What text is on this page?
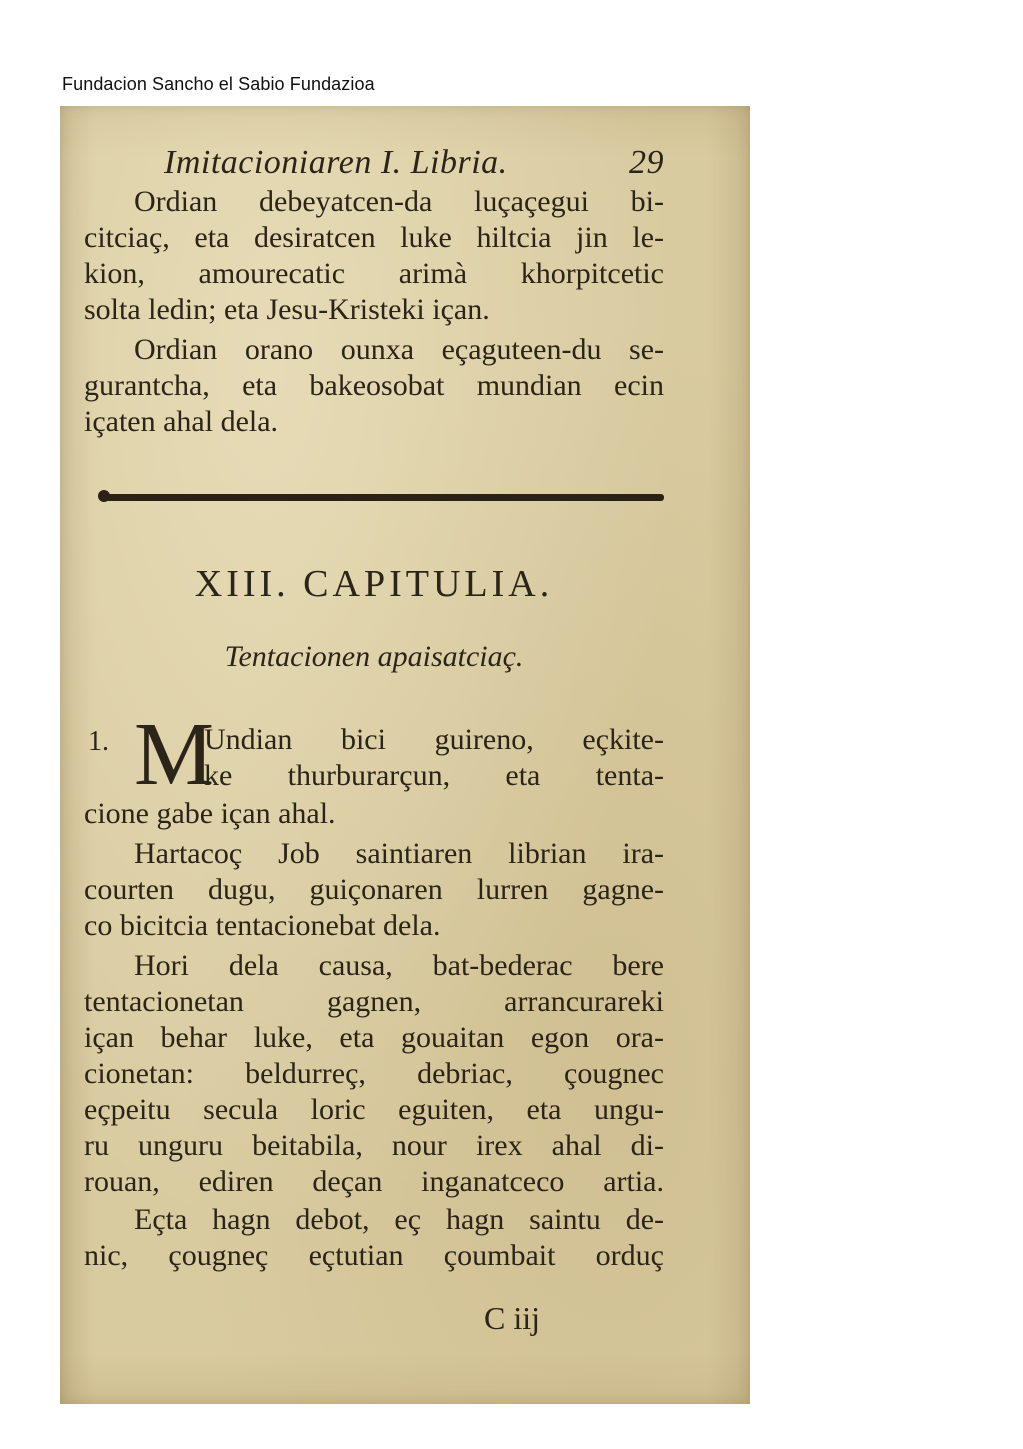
Fundacion Sancho el Sabio Fundazioa
Imitacioniaren I. Libria.	29
Ordian debeyatcen-da luçaçegui bi-
citciaç, eta desiratcen luke hiltcia jin le-
kion, amourecatic arimà khorpitcetic
solta ledin; eta Jesu-Kristeki içan.
Ordian orano ounxa eçaguteen-du se-
gurantcha, eta bakeosobat mundian ecin
içaten ahal dela.
XIII. CAPITULIA.
Tentacionen apaisatciaç.
1. M
Undian bici guireno, eçkite-
ke thurburarçun, eta tenta-
cione gabe içan ahal.
Hartacoç Job saintiaren librian ira-
courten dugu, guiçonaren lurren gagne-
co bicitcia tentacionebat dela.
Hori dela causa, bat-bederac bere
tentacionetan gagnen, arrancurareki
içan behar luke, eta gouaitan egon ora-
cionetan: beldurreç, debriac, çougnec
eçpeitu secula loric eguiten, eta ungu-
ru unguru beitabila, nour irex ahal di-
rouan, ediren deçan inganatceco artia.
Eçta hagn debot, eç hagn saintu de-
nic, çougneç eçtutian çoumbait orduç
C iij
